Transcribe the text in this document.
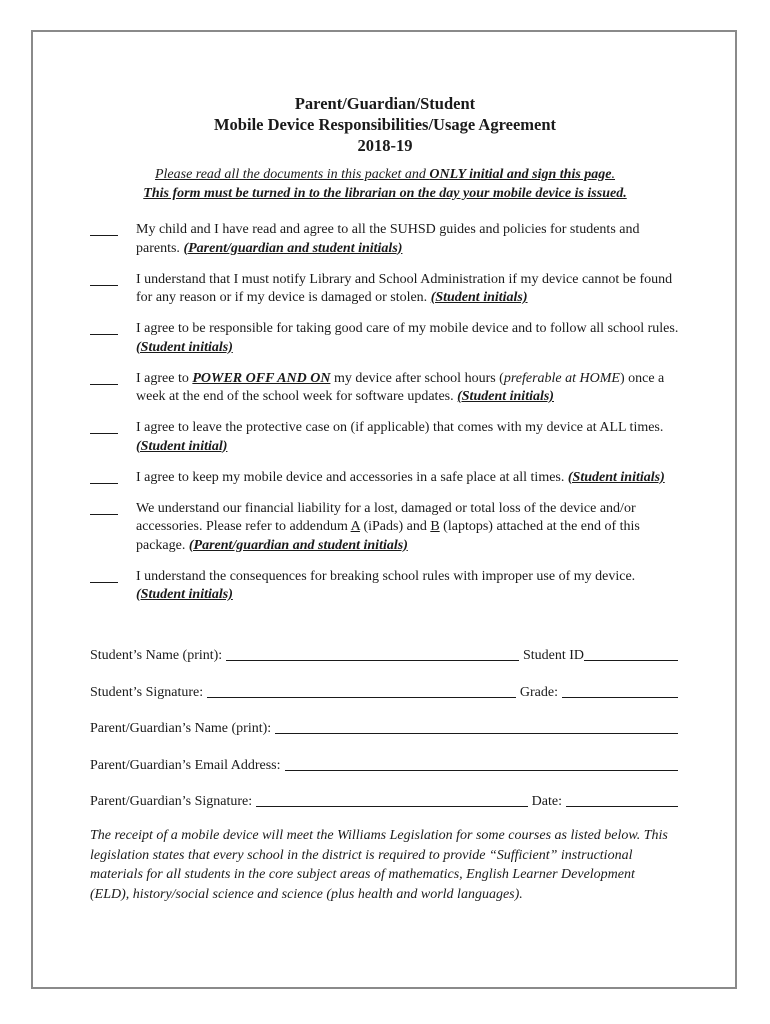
Parent/Guardian/Student
Mobile Device Responsibilities/Usage Agreement
2018-19
Please read all the documents in this packet and ONLY initial and sign this page.
This form must be turned in to the librarian on the day your mobile device is issued.
My child and I have read and agree to all the SUHSD guides and policies for students and parents. (Parent/guardian and student initials)
I understand that I must notify Library and School Administration if my device cannot be found for any reason or if my device is damaged or stolen. (Student initials)
I agree to be responsible for taking good care of my mobile device and to follow all school rules. (Student initials)
I agree to POWER OFF AND ON my device after school hours (preferable at HOME) once a week at the end of the school week for software updates. (Student initials)
I agree to leave the protective case on (if applicable) that comes with my device at ALL times. (Student initial)
I agree to keep my mobile device and accessories in a safe place at all times. (Student initials)
We understand our financial liability for a lost, damaged or total loss of the device and/or accessories. Please refer to addendum A (iPads) and B (laptops) attached at the end of this package. (Parent/guardian and student initials)
I understand the consequences for breaking school rules with improper use of my device. (Student initials)
Student’s Name (print):	Student ID
Student’s Signature:	Grade:
Parent/Guardian’s Name (print):
Parent/Guardian’s Email Address:
Parent/Guardian’s Signature:	Date:
The receipt of a mobile device will meet the Williams Legislation for some courses as listed below. This legislation states that every school in the district is required to provide “Sufficient” instructional materials for all students in the core subject areas of mathematics, English Learner Development (ELD), history/social science and science (plus health and world languages).
